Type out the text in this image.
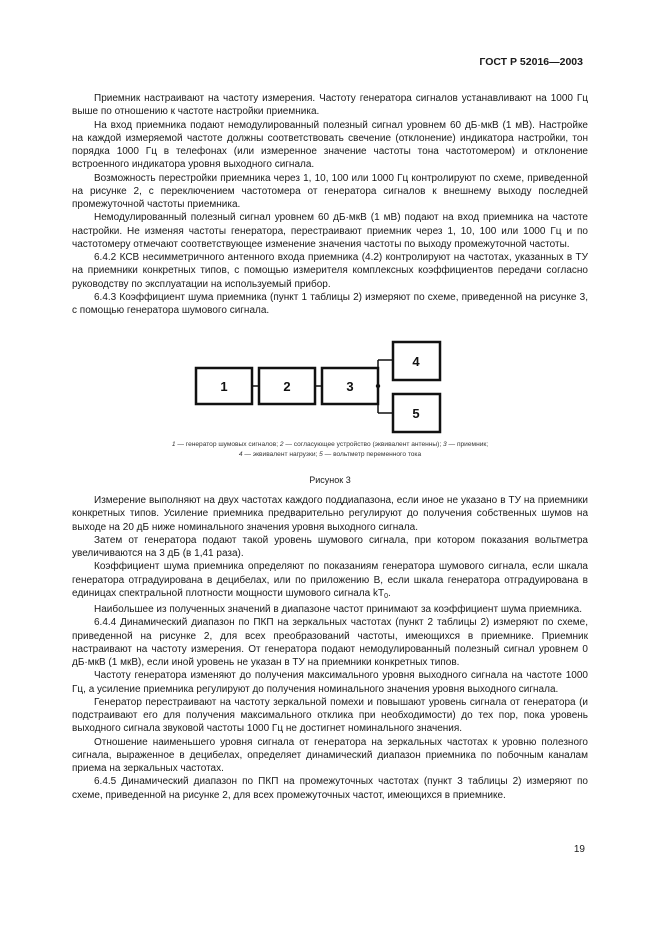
ГОСТ Р 52016—2003

Приемник настраивают на частоту измерения. Частоту генератора сигналов устанавливают на 1000 Гц выше по отношению к частоте настройки приемника.

На вход приемника подают немодулированный полезный сигнал уровнем 60 дБ·мкВ (1 мВ). Настройке на каждой измеряемой частоте должны соответствовать свечение (отклонение) индикатора настройки, тон порядка 1000 Гц в телефонах (или измеренное значение частоты тона частотомером) и отклонение встроенного индикатора уровня выходного сигнала.

Возможность перестройки приемника через 1, 10, 100 или 1000 Гц контролируют по схеме, приведенной на рисунке 2, с переключением частотомера от генератора сигналов к внешнему выходу последней промежуточной частоты приемника.

Немодулированный полезный сигнал уровнем 60 дБ·мкВ (1 мВ) подают на вход приемника на частоте настройки. Не изменяя частоты генератора, перестраивают приемник через 1, 10, 100 или 1000 Гц и по частотомеру отмечают соответствующее изменение значения частоты по выходу промежуточной частоты.

6.4.2 КСВ несимметричного антенного входа приемника (4.2) контролируют на частотах, указанных в ТУ на приемники конкретных типов, с помощью измерителя комплексных коэффициентов передачи согласно руководству по эксплуатации на используемый прибор.

6.4.3 Коэффициент шума приемника (пункт 1 таблицы 2) измеряют по схеме, приведенной на рисунке 3, с помощью генератора шумового сигнала.

1	2	3
4
5
1 — генератор шумовых сигналов; 2 — согласующее устройство (эквивалент антенны); 3 — приемник;
4 — эквивалент нагрузки; 5 — вольтметр переменного тока
Рисунок 3

Измерение выполняют на двух частотах каждого поддиапазона, если иное не указано в ТУ на приемники конкретных типов. Усиление приемника предварительно регулируют до получения собственных шумов на выходе на 20 дБ ниже номинального значения уровня выходного сигнала.

Затем от генератора подают такой уровень шумового сигнала, при котором показания вольтметра увеличиваются на 3 дБ (в 1,41 раза).

Коэффициент шума приемника определяют по показаниям генератора шумового сигнала, если шкала генератора отградуирована в децибелах, или по приложению В, если шкала генератора отградуирована в единицах спектральной плотности мощности шумового сигнала $kT_0$.

Наибольшее из полученных значений в диапазоне частот принимают за коэффициент шума приемника.

6.4.4 Динамический диапазон по ПКП на зеркальных частотах (пункт 2 таблицы 2) измеряют по схеме, приведенной на рисунке 2, для всех преобразований частоты, имеющихся в приемнике. Приемник настраивают на частоту измерения. От генератора подают немодулированный полезный сигнал уровнем 0 дБ·мкВ (1 мкВ), если иной уровень не указан в ТУ на приемники конкретных типов.

Частоту генератора изменяют до получения максимального уровня выходного сигнала на частоте 1000 Гц, а усиление приемника регулируют до получения номинального значения уровня выходного сигнала.

Генератор перестраивают на частоту зеркальной помехи и повышают уровень сигнала от генератора (и подстраивают его для получения максимального отклика при необходимости) до тех пор, пока уровень выходного сигнала звуковой частоты 1000 Гц не достигнет номинального значения.

Отношение наименьшего уровня сигнала от генератора на зеркальных частотах к уровню полезного сигнала, выраженное в децибелах, определяет динамический диапазон приемника по побочным каналам приема на зеркальных частотах.

6.4.5 Динамический диапазон по ПКП на промежуточных частотах (пункт 3 таблицы 2) измеряют по схеме, приведенной на рисунке 2, для всех промежуточных частот, имеющихся в приемнике.

19
